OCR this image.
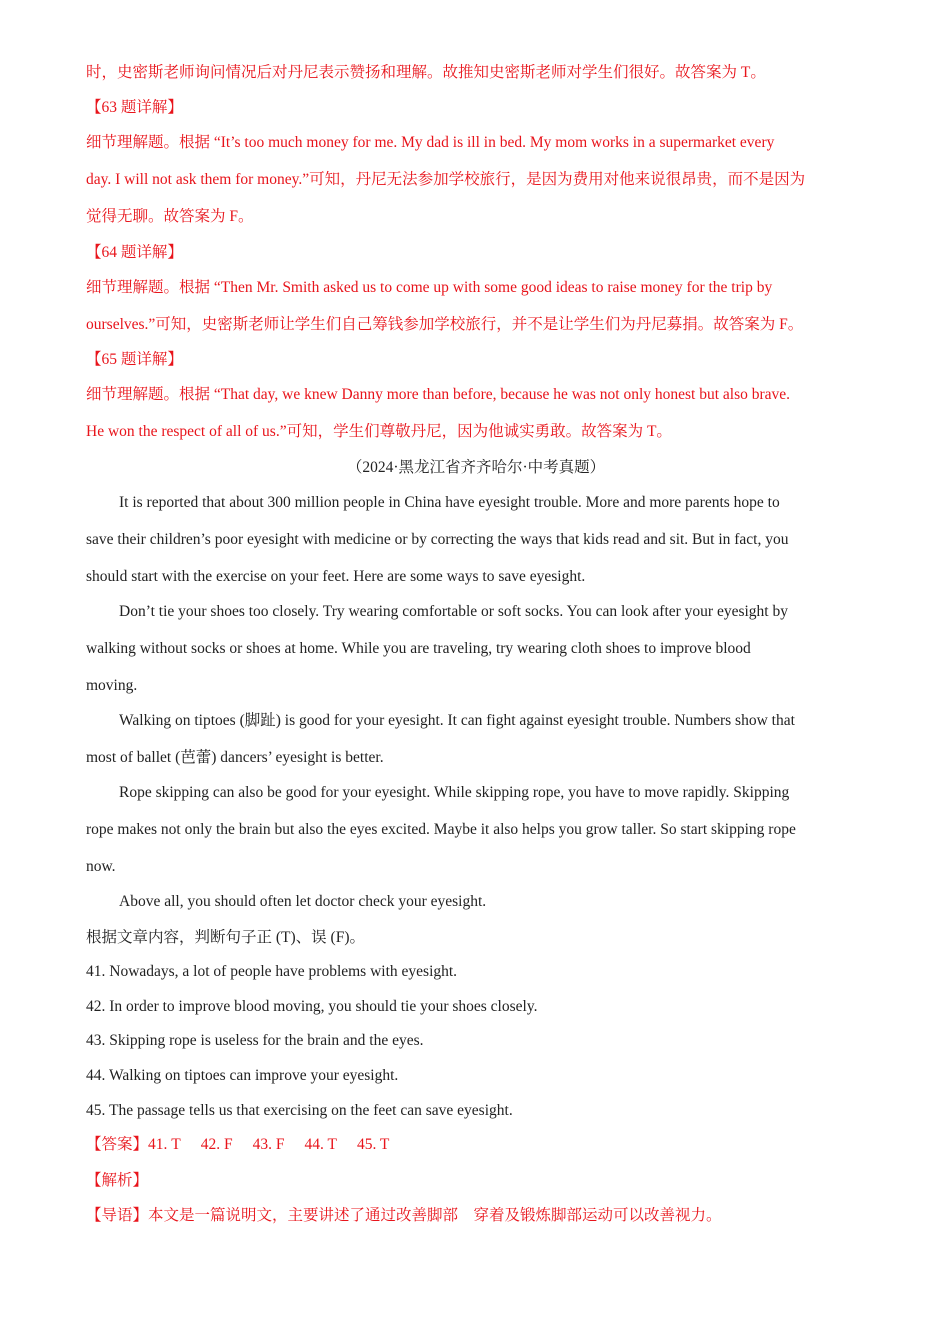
时，史密斯老师询问情况后对丹尼表示赞扬和理解。故推知史密斯老师对学生们很好。故答案为 T。
【63 题详解】
细节理解题。根据 “It’s too much money for me. My dad is ill in bed. My mom works in a supermarket every
day. I will not ask them for money.”可知，丹尼无法参加学校旅行，是因为费用对他来说很昂贵，而不是因为
觉得无聊。故答案为 F。
【64 题详解】
细节理解题。根据 “Then Mr. Smith asked us to come up with some good ideas to raise money for the trip by
ourselves.”可知，史密斯老师让学生们自己筹钱参加学校旅行，并不是让学生们为丹尼募捐。故答案为 F。
【65 题详解】
细节理解题。根据 “That day, we knew Danny more than before, because he was not only honest but also brave.
He won the respect of all of us.”可知，学生们尊敬丹尼，因为他诚实勇敢。故答案为 T。
（2024·黑龙江省齐齐哈尔·中考真题）
It is reported that about 300 million people in China have eyesight trouble. More and more parents hope to
save their children’s poor eyesight with medicine or by correcting the ways that kids read and sit. But in fact, you
should start with the exercise on your feet. Here are some ways to save eyesight.
Don’t tie your shoes too closely. Try wearing comfortable or soft socks. You can look after your eyesight by
walking without socks or shoes at home. While you are traveling, try wearing cloth shoes to improve blood
moving.
Walking on tiptoes (脚趾) is good for your eyesight. It can fight against eyesight trouble. Numbers show that
most of ballet (芭蕾) dancers’ eyesight is better.
Rope skipping can also be good for your eyesight. While skipping rope, you have to move rapidly. Skipping
rope makes not only the brain but also the eyes excited. Maybe it also helps you grow taller. So start skipping rope
now.
Above all, you should often let doctor check your eyesight.
根据文章内容，判断句子正 (T)、误 (F)。
41. Nowadays, a lot of people have problems with eyesight.
42. In order to improve blood moving, you should tie your shoes closely.
43. Skipping rope is useless for the brain and the eyes.
44. Walking on tiptoes can improve your eyesight.
45. The passage tells us that exercising on the feet can save eyesight.
【答案】41. T 42. F 43. F 44. T 45. T
【解析】
【导语】本文是一篇说明文，主要讲述了通过改善脚部　穿着及锻炼脚部运动可以改善视力。
